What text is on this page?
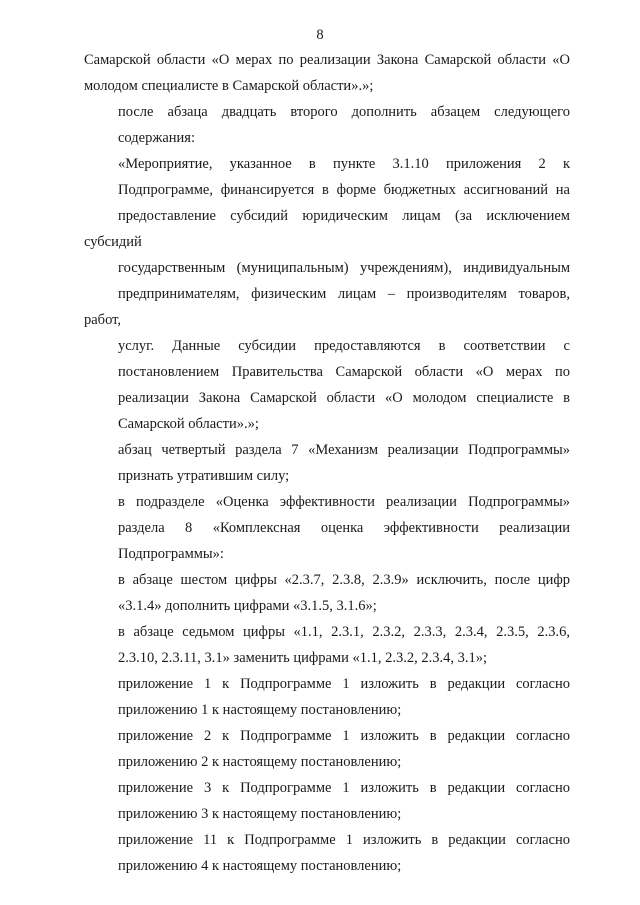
8
Самарской области «О мерах по реализации Закона Самарской области «О
молодом специалисте в Самарской области».»;
после абзаца двадцать второго дополнить абзацем следующего
содержания:
«Мероприятие, указанное в пункте 3.1.10 приложения 2 к
Подпрограмме, финансируется в форме бюджетных ассигнований на
предоставление субсидий юридическим лицам (за исключением субсидий
государственным (муниципальным) учреждениям), индивидуальным
предпринимателям, физическим лицам – производителям товаров, работ,
услуг. Данные субсидии предоставляются в соответствии с
постановлением Правительства Самарской области «О мерах по
реализации Закона Самарской области «О молодом специалисте в
Самарской области».»;
абзац четвертый раздела 7 «Механизм реализации Подпрограммы»
признать утратившим силу;
в подразделе «Оценка эффективности реализации Подпрограммы»
раздела 8 «Комплексная оценка эффективности реализации
Подпрограммы»:
в абзаце шестом цифры «2.3.7, 2.3.8, 2.3.9» исключить, после цифр
«3.1.4» дополнить цифрами «3.1.5, 3.1.6»;
в абзаце седьмом цифры «1.1, 2.3.1, 2.3.2, 2.3.3, 2.3.4, 2.3.5, 2.3.6,
2.3.10, 2.3.11, 3.1» заменить цифрами «1.1, 2.3.2, 2.3.4, 3.1»;
приложение 1 к Подпрограмме 1 изложить в редакции согласно
приложению 1 к настоящему постановлению;
приложение 2 к Подпрограмме 1 изложить в редакции согласно
приложению 2 к настоящему постановлению;
приложение 3 к Подпрограмме 1 изложить в редакции согласно
приложению 3 к настоящему постановлению;
приложение 11 к Подпрограмме 1 изложить в редакции согласно
приложению 4 к настоящему постановлению;
